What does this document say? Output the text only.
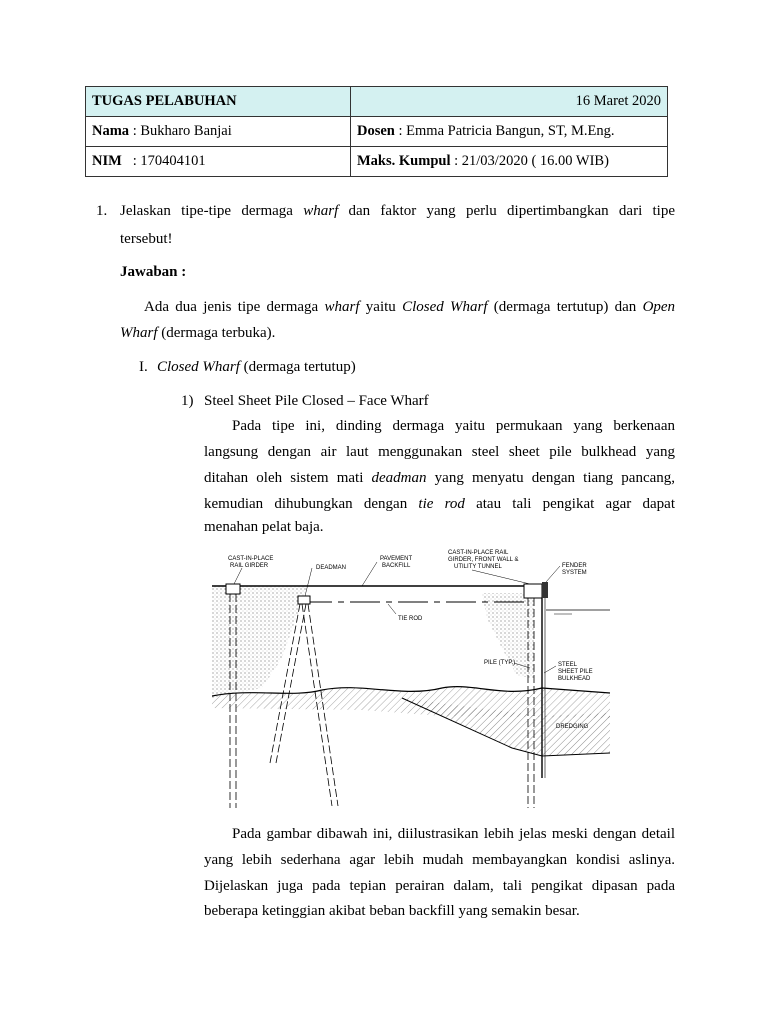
TUGAS PELABUHAN	16 Maret 2020
Nama : Bukharo Banjai	Dosen : Emma Patricia Bangun, ST, M.Eng.
NIM   : 170404101	Maks. Kumpul : 21/03/2020 ( 16.00 WIB)
1. Jelaskan tipe-tipe dermaga wharf dan faktor yang perlu dipertimbangkan dari tipe
tersebut!
Jawaban :
Ada dua jenis tipe dermaga wharf yaitu Closed Wharf (dermaga tertutup) dan Open
Wharf (dermaga terbuka).
I. Closed Wharf (dermaga tertutup)
1) Steel Sheet Pile Closed – Face Wharf
Pada tipe ini, dinding dermaga yaitu permukaan yang berkenaan
langsung dengan air laut menggunakan steel sheet pile bulkhead yang
ditahan oleh sistem mati deadman yang menyatu dengan tiang pancang,
kemudian dihubungkan dengan tie rod atau tali pengikat agar dapat
menahan pelat baja.
CAST-IN-PLACE
RAIL GIRDER	DEADMAN
PAVEMENT
BACKFILL
CAST-IN-PLACE RAIL
GIRDER, FRONT WALL &
UTILITY TUNNEL	FENDER
SYSTEM
TIE ROD
PILE (TYP.)	STEEL
SHEET PILE
BULKHEAD
DREDGING
Pada gambar dibawah ini, diilustrasikan lebih jelas meski dengan detail
yang lebih sederhana agar lebih mudah membayangkan kondisi aslinya.
Dijelaskan juga pada tepian perairan dalam, tali pengikat dipasan pada
beberapa ketinggian akibat beban backfill yang semakin besar.
